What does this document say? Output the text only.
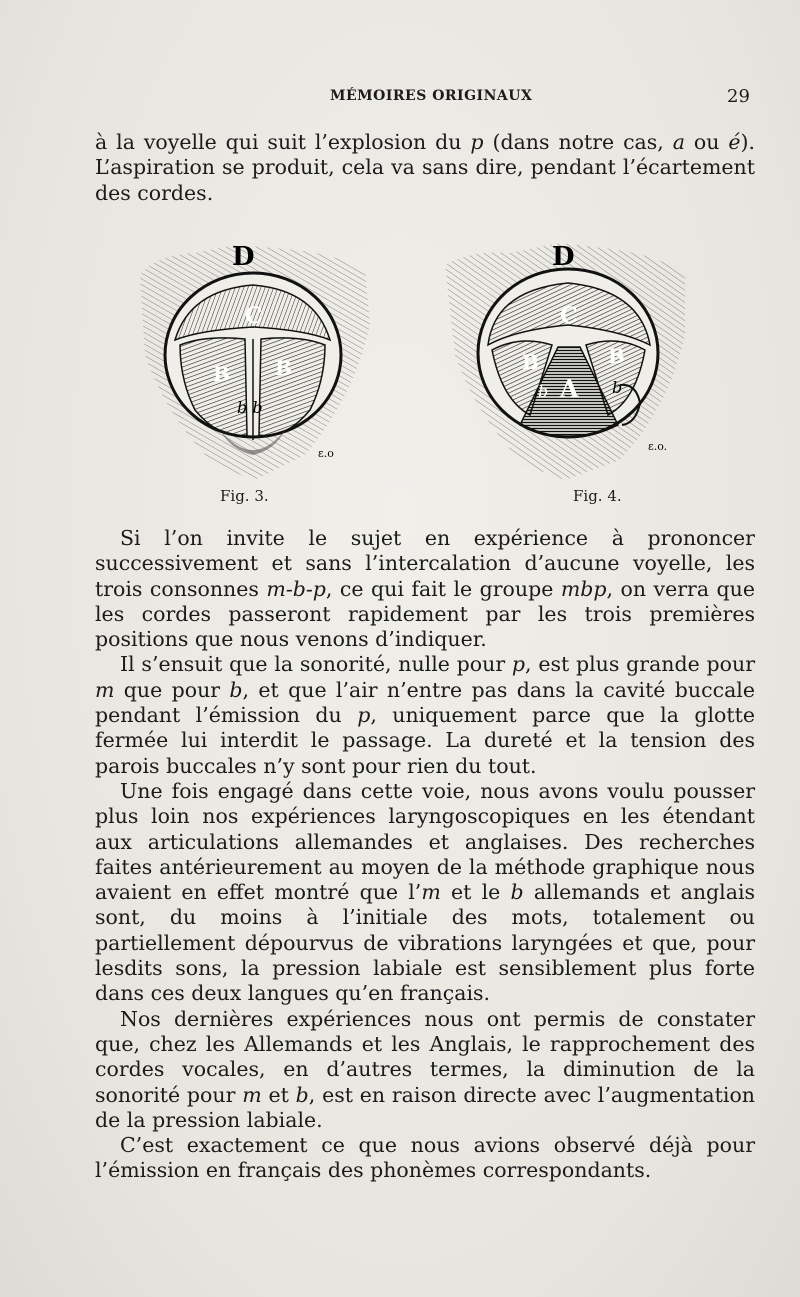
MÉMOIRES ORIGINAUX	29

à la voyelle qui suit l’explosion du p (dans notre cas, a ou é). L’aspiration se produit, cela va sans dire, pendant l’écartement des cordes.

D
C
B B
b b
ε.o
Fig. 3.
D
C
B	B
A
b	b
ε.o.
Fig. 4.

Si l’on invite le sujet en expérience à prononcer successivement et sans l’intercalation d’aucune voyelle, les trois consonnes m-b-p, ce qui fait le groupe mbp, on verra que les cordes passeront rapidement par les trois premières positions que nous venons d’indiquer.

Il s’ensuit que la sonorité, nulle pour p, est plus grande pour m que pour b, et que l’air n’entre pas dans la cavité buccale pendant l’émission du p, uniquement parce que la glotte fermée lui interdit le passage. La dureté et la tension des parois buccales n’y sont pour rien du tout.

Une fois engagé dans cette voie, nous avons voulu pousser plus loin nos expériences laryngoscopiques en les étendant aux articulations allemandes et anglaises. Des recherches faites antérieurement au moyen de la méthode graphique nous avaient en effet montré que l’m et le b allemands et anglais sont, du moins à l’initiale des mots, totalement ou partiellement dépourvus de vibrations laryngées et que, pour lesdits sons, la pression labiale est sensiblement plus forte dans ces deux langues qu’en français.

Nos dernières expériences nous ont permis de constater que, chez les Allemands et les Anglais, le rapprochement des cordes vocales, en d’autres termes, la diminution de la sonorité pour m et b, est en raison directe avec l’augmentation de la pression labiale.

C’est exactement ce que nous avions observé déjà pour l’émission en français des phonèmes correspondants.
